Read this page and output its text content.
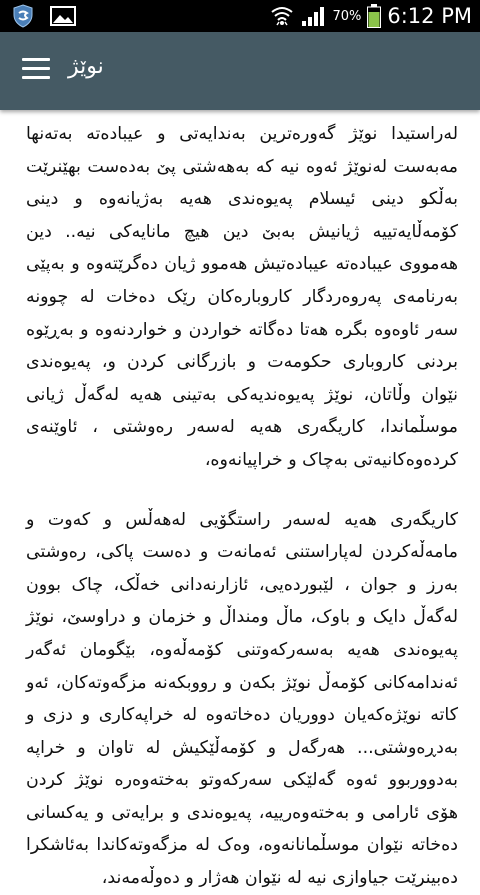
70% 6:12 PM
نوێژ

لەراستیدا نوێژ گەورەترین بەندایەتی و عیبادەتە بەتەنها مەبەست لەنوێژ ئەوە نیە کە بەهەشتی پێ بەدەست بهێنرێت بەڵکو دینی ئیسلام پەیوەندی هەیە بەژیانەوە و دینی کۆمەڵایەتییە ژیانیش بەبێ دین هیچ مانایەکی نیە.. دین هەمووی عیبادەتە عیبادەتیش هەموو ژیان دەگرێتەوە و بەپێی بەرنامەی پەروەردگار کاروبارەکان رێک دەخات لە چوونە سەر ئاوەوە بگرە هەتا دەگاتە خواردن و خواردنەوە و بەڕێوە بردنی کاروباری حکومەت و بازرگانی کردن و، پەیوەندی نێوان وڵاتان، نوێژ پەیوەندیەکی بەتینی هەیە لەگەڵ ژیانی موسڵماندا، کاریگەری هەیە لەسەر رەوشتی ، ئاوێنەی کردەوەکانیەتی بەچاک و خراپیانەوە،

کاریگەری هەیە لەسەر راستگۆیی لەهەڵس و کەوت و مامەڵەکردن لەپاراستنی ئەمانەت و دەست پاکی، رەوشتی بەرز و جوان ، لێبوردەیی، ئازارنەدانی خەڵک، چاک بوون لەگەڵ دایک و باوک، ماڵ ومنداڵ و خزمان و دراوسێ، نوێژ پەیوەندی هەیە بەسەرکەوتنی کۆمەڵەوە، بێگومان ئەگەر ئەندامەکانی کۆمەڵ نوێژ بکەن و رووبکەنە مزگەوتەکان، ئەو کاتە نوێژەکەیان دووریان دەخاتەوە لە خراپەکاری و دزی و بەدڕەوشتی... هەرگەل و کۆمەڵێکیش لە تاوان و خراپە بەدووربوو ئەوە گەلێکی سەرکەوتو بەختەوەرە نوێژ کردن هۆی ئارامی و بەختەوەرییە، پەیوەندی و برایەتی و یەکسانی دەخاتە نێوان موسڵمانانەوە، وەک لە مزگەوتەکاندا بەئاشکرا دەبینرێت جیاوازی نیە لە نێوان هەژار و دەوڵەمەند،
